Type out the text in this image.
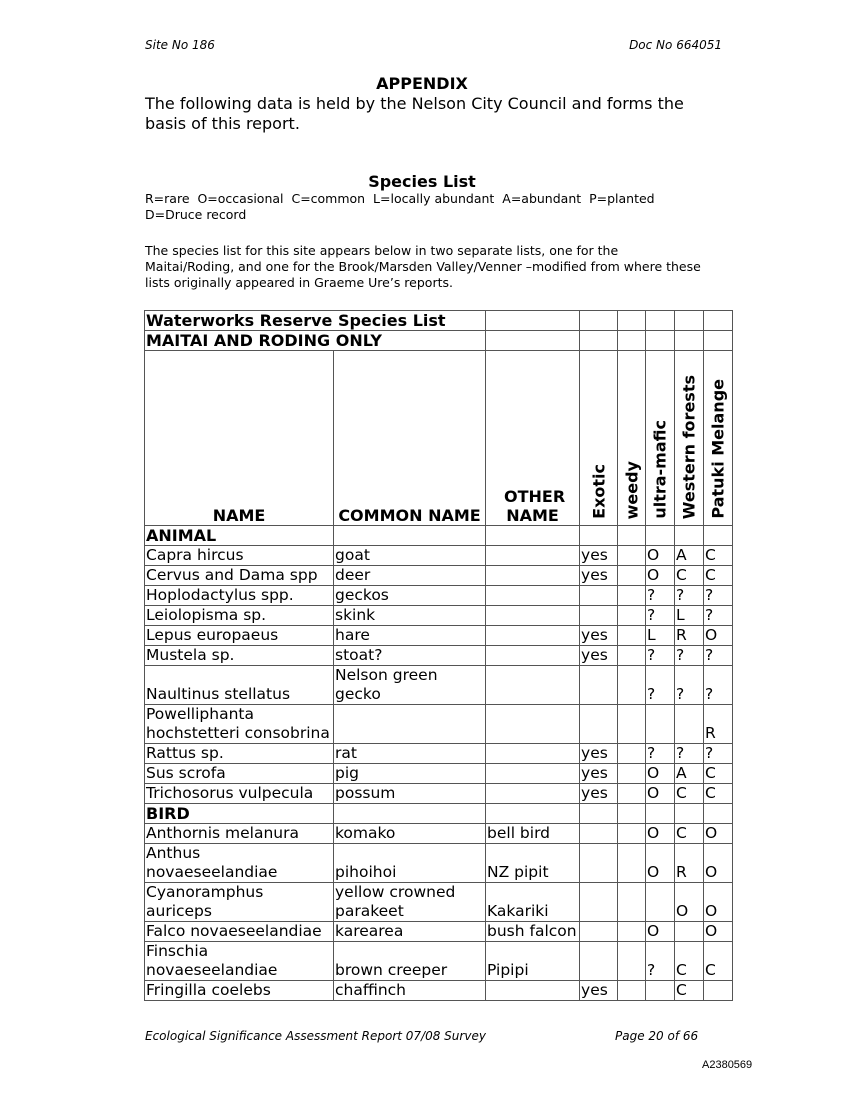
Site No 186	Doc No 664051
APPENDIX
The following data is held by the Nelson City Council and forms the basis of this report.
Species List
R=rare  O=occasional  C=common  L=locally abundant  A=abundant  P=planted
D=Druce record
The species list for this site appears below in two separate lists, one for the Maitai/Roding, and one for the Brook/Marsden Valley/Venner –modified from where these lists originally appeared in Graeme Ure’s reports.
Waterworks Reserve Species List							
MAITAI AND RODING ONLY							
NAME	COMMON NAME	OTHER NAME	Exotic	weedy	ultra-mafic	Western forests	Patuki Melange

ANIMAL							
Capra hircus	goat		yes		O	A	C
Cervus and Dama spp	deer		yes		O	C	C
Hoplodactylus spp.	geckos				?	?	?
Leiolopisma sp.	skink				?	L	?
Lepus europaeus	hare		yes		L	R	O
Mustela sp.	stoat?		yes		?	?	?
Naultinus stellatus	Nelson green gecko				?	?	?
Powelliphanta hochstetteri consobrina							R
Rattus sp.	rat		yes		?	?	?
Sus scrofa	pig		yes		O	A	C
Trichosorus vulpecula	possum		yes		O	C	C
BIRD							
Anthornis melanura	komako	bell bird			O	C	O
Anthus novaeseelandiae	pihoihoi	NZ pipit			O	R	O
Cyanoramphus auriceps	yellow crowned parakeet	Kakariki				O	O
Falco novaeseelandiae	karearea	bush falcon			O		O
Finschia novaeseelandiae	brown creeper	Pipipi			?	C	C
Fringilla coelebs	chaffinch		yes			C	
Ecological Significance Assessment Report 07/08 Survey	Page 20 of 66
A2380569
